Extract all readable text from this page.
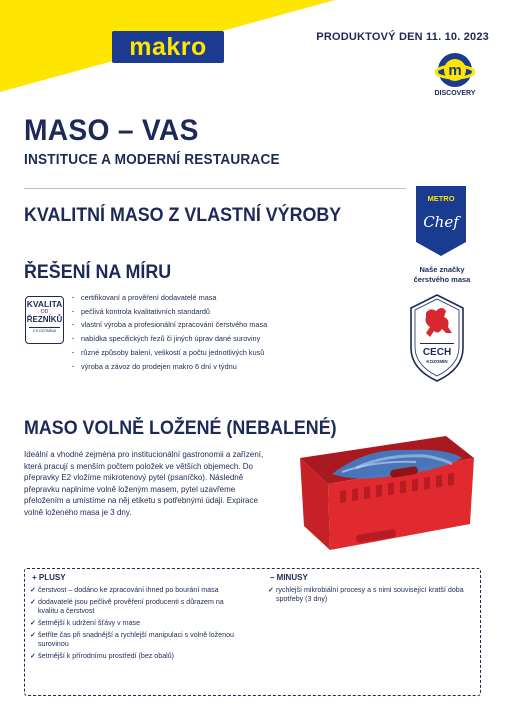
makro	PRODUKTOVÝ DEN 11. 10. 2023
m
DISCOVERY
MASO – VAS
INSTITUCE A MODERNÍ RESTAURACE
KVALITNÍ MASO Z VLASTNÍ VÝROBY
METRO
Chef
Naše značky
čerstvého masa
ŘEŠENÍ NA MÍRU
KVALITA
OD
ŘEZNÍKŮ
Z KOZOMÍNA
· certifikovaní a prověření dodavatelé masa
· pečlivá kontrola kvalitativních standardů
· vlastní výroba a profesionální zpracování čerstvého masa
· nabídka specifických řezů či jiných úprav dané suroviny
· různé způsoby balení, velikostí a počtu jednotlivých kusů
· výroba a závoz do prodejen makro 6 dní v týdnu
CECH
KOZOMÍN
MASO VOLNĚ LOŽENÉ (NEBALENÉ)
Ideální a vhodné zejména pro institucionální gastronomii a zařízení, která pracují s menším počtem položek ve větších objemech. Do přepravky E2 vložíme mikrotenový pytel (psaníčko). Následně přepravku naplníme volně loženým masem, pytel uzavřeme přeložením a umístíme na něj etiketu s potřebnými údaji. Expirace volně loženého masa je 3 dny.
+ PLUSY	– MINUSY
✓ čerstvost – dodáno ke zpracování ihned po bourání masa
✓ dodavatelé jsou pečlivě prověření producenti s důrazem na kvalitu a čerstvost
✓ šetrnější k udržení šťávy v mase
✓ šetříte čas při snadnější a rychlejší manipulaci s volně loženou surovinou
✓ šetrnější k přírodnímu prostředí (bez obalů)
✓ rychlejší mikrobiální procesy a s nimi související kratší doba spotřeby (3 dny)
